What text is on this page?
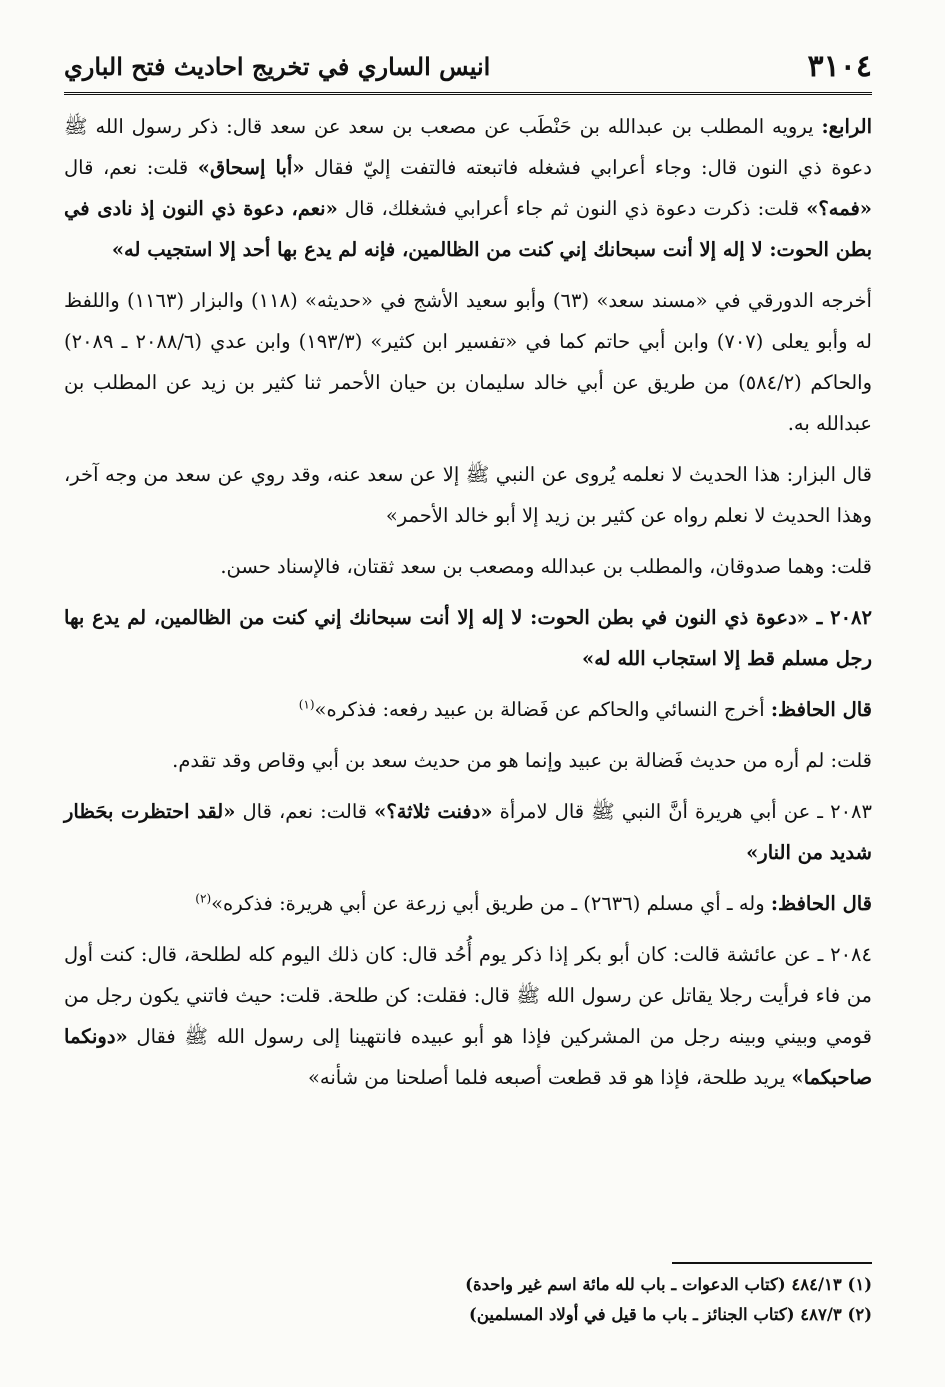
٣١٠٤
انيس الساري في تخريج احاديث فتح الباري

الرابع: يرويه المطلب بن عبدالله بن حَنْطَب عن مصعب بن سعد عن سعد قال: ذكر رسول الله ﷺ دعوة ذي النون قال: وجاء أعرابي فشغله فاتبعته فالتفت إليّ فقال «أبا إسحاق» قلت: نعم، قال «فمه؟» قلت: ذكرت دعوة ذي النون ثم جاء أعرابي فشغلك، قال «نعم، دعوة ذي النون إذ نادى في بطن الحوت: لا إله إلا أنت سبحانك إني كنت من الظالمين، فإنه لم يدع بها أحد إلا استجيب له»

أخرجه الدورقي في «مسند سعد» (٦٣) وأبو سعيد الأشج في «حديثه» (١١٨) والبزار (١١٦٣) واللفظ له وأبو يعلى (٧٠٧) وابن أبي حاتم كما في «تفسير ابن كثير» (١٩٣/٣) وابن عدي (٢٠٨٨/٦ ـ ٢٠٨٩) والحاكم (٥٨٤/٢) من طريق عن أبي خالد سليمان بن حيان الأحمر ثنا كثير بن زيد عن المطلب بن عبدالله به.

قال البزار: هذا الحديث لا نعلمه يُروى عن النبي ﷺ إلا عن سعد عنه، وقد روي عن سعد من وجه آخر، وهذا الحديث لا نعلم رواه عن كثير بن زيد إلا أبو خالد الأحمر»

قلت: وهما صدوقان، والمطلب بن عبدالله ومصعب بن سعد ثقتان، فالإسناد حسن.

٢٠٨٢ ـ «دعوة ذي النون في بطن الحوت: لا إله إلا أنت سبحانك إني كنت من الظالمين، لم يدع بها رجل مسلم قط إلا استجاب الله له»

قال الحافظ: أخرج النسائي والحاكم عن فَضالة بن عبيد رفعه: فذكره»$^{(١)}$

قلت: لم أره من حديث فَضالة بن عبيد وإنما هو من حديث سعد بن أبي وقاص وقد تقدم.

٢٠٨٣ ـ عن أبي هريرة أنَّ النبي ﷺ قال لامرأة «دفنت ثلاثة؟» قالت: نعم، قال «لقد احتظرت بحَظار شديد من النار»

قال الحافظ: وله ـ أي مسلم (٢٦٣٦) ـ من طريق أبي زرعة عن أبي هريرة: فذكره»$^{(٢)}$

٢٠٨٤ ـ عن عائشة قالت: كان أبو بكر إذا ذكر يوم أُحُد قال: كان ذلك اليوم كله لطلحة، قال: كنت أول من فاء فرأيت رجلا يقاتل عن رسول الله ﷺ قال: فقلت: كن طلحة. قلت: حيث فاتني يكون رجل من قومي وبيني وبينه رجل من المشركين فإذا هو أبو عبيده فانتهينا إلى رسول الله ﷺ فقال «دونكما صاحبكما» يريد طلحة، فإذا هو قد قطعت أصبعه فلما أصلحنا من شأنه»

(١) ٤٨٤/١٣ (كتاب الدعوات ـ باب لله مائة اسم غير واحدة)
(٢) ٤٨٧/٣ (كتاب الجنائز ـ باب ما قيل في أولاد المسلمين)
